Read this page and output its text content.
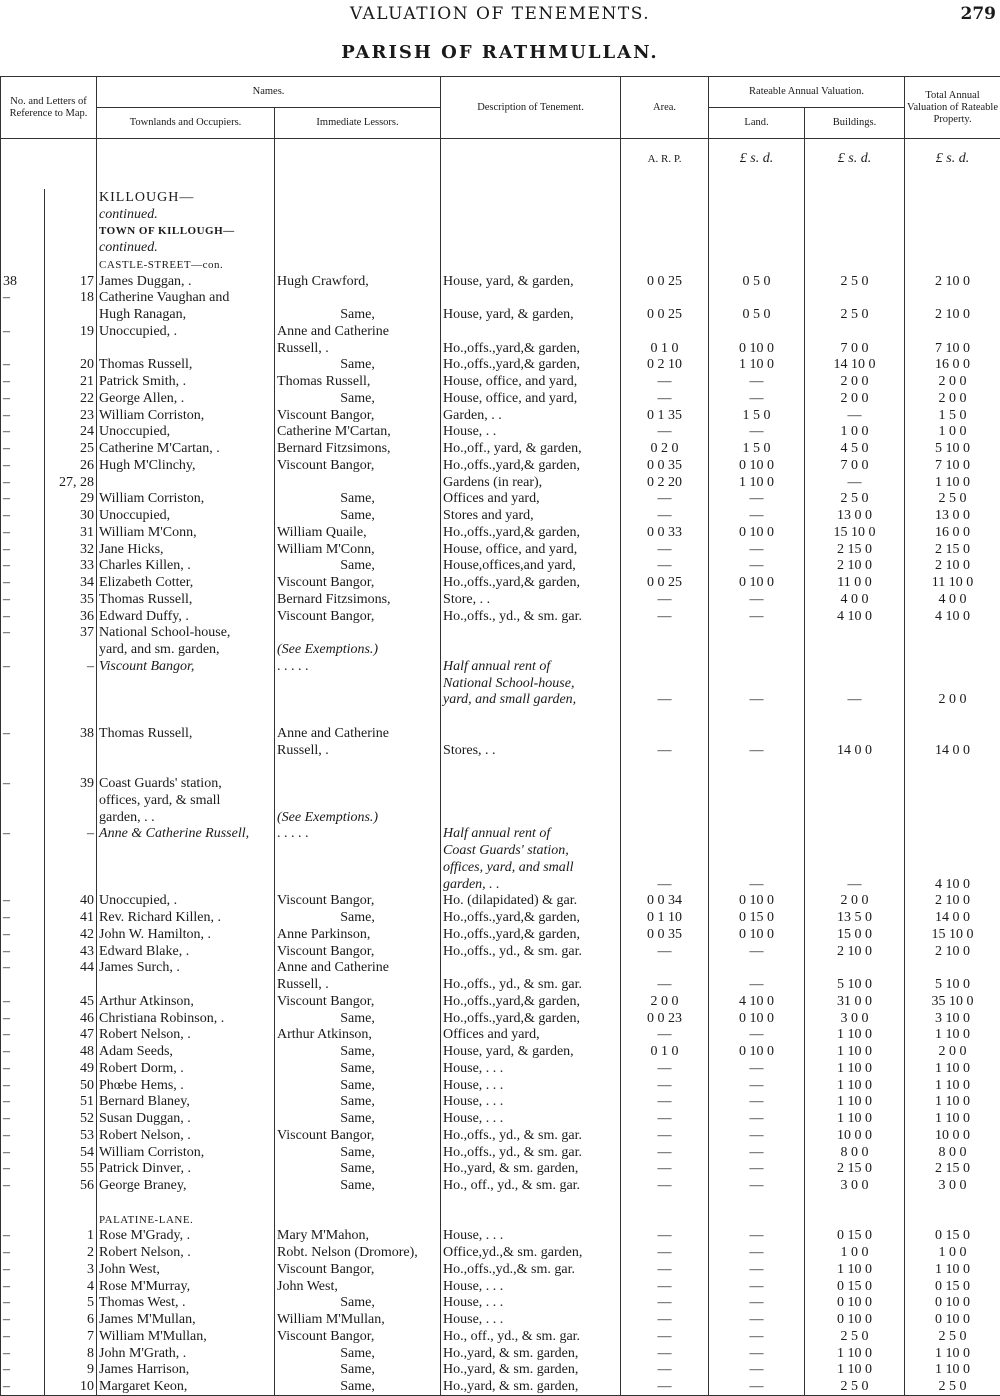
VALUATION OF TENEMENTS.	279
PARISH OF RATHMULLAN.
No. and Letters of Reference to Map.		Names.		Description of Tenement.	Area.	Rateable Annual Valuation.		Total Annual Valuation of Rateable Property.
		Townlands and Occupiers.	Immediate Lessors.			Land.	Buildings.	
					A. R. P.	£ s. d.	£ s. d.	£ s. d.
		KILLOUGH—						
		continued.						
		TOWN OF KILLOUGH—						
		continued.						
		CASTLE-STREET—con.						
38	17	James Duggan, .	Hugh Crawford,	House, yard, & garden,	0 0 25	0 5 0	2 5 0	2 10 0
–	18	Catherine Vaughan and						
		Hugh Ranagan,	Same,	House, yard, & garden,	0 0 25	0 5 0	2 5 0	2 10 0
–	19	Unoccupied, .	Anne and Catherine					
			Russell, .	Ho.,offs.,yard,& garden,	0 1 0	0 10 0	7 0 0	7 10 0
–	20	Thomas Russell,	Same,	Ho.,offs.,yard,& garden,	0 2 10	1 10 0	14 10 0	16 0 0
–	21	Patrick Smith, .	Thomas Russell,	House, office, and yard,	—	—	2 0 0	2 0 0
–	22	George Allen, .	Same,	House, office, and yard,	—	—	2 0 0	2 0 0
–	23	William Corriston,	Viscount Bangor,	Garden, . .	0 1 35	1 5 0	—	1 5 0
–	24	Unoccupied,	Catherine M'Cartan,	House, . .	—	—	1 0 0	1 0 0
–	25	Catherine M'Cartan, .	Bernard Fitzsimons,	Ho.,off., yard, & garden,	0 2 0	1 5 0	4 5 0	5 10 0
–	26	Hugh M'Clinchy,	Viscount Bangor,	Ho.,offs.,yard,& garden,	0 0 35	0 10 0	7 0 0	7 10 0
–	27, 28			Gardens (in rear),	0 2 20	1 10 0	—	1 10 0
–	29	William Corriston,	Same,	Offices and yard,	—	—	2 5 0	2 5 0
–	30	Unoccupied,	Same,	Stores and yard,	—	—	13 0 0	13 0 0
–	31	William M'Conn,	William Quaile,	Ho.,offs.,yard,& garden,	0 0 33	0 10 0	15 10 0	16 0 0
–	32	Jane Hicks,	William M'Conn,	House, office, and yard,	—	—	2 15 0	2 15 0
–	33	Charles Killen, .	Same,	House,offices,and yard,	—	—	2 10 0	2 10 0
–	34	Elizabeth Cotter,	Viscount Bangor,	Ho.,offs.,yard,& garden,	0 0 25	0 10 0	11 0 0	11 10 0
–	35	Thomas Russell,	Bernard Fitzsimons,	Store, . .	—	—	4 0 0	4 0 0
–	36	Edward Duffy, .	Viscount Bangor,	Ho.,offs., yd., & sm. gar.	—	—	4 10 0	4 10 0
–	37	National School-house,						
		yard, and sm. garden,	(See Exemptions.)					
–	–	Viscount Bangor,	. . . . .	Half annual rent of				
				National School-house,				
				yard, and small garden,	—	—	—	2 0 0

–	38	Thomas Russell,	Anne and Catherine					
			Russell, .	Stores, . .	—	—	14 0 0	14 0 0

–	39	Coast Guards' station,						
		offices, yard, & small						
		garden, . .	(See Exemptions.)					
–	–	Anne & Catherine Russell,	. . . . .	Half annual rent of				
				Coast Guards' station,				
				offices, yard, and small				
				garden, . .	—	—	—	4 10 0
–	40	Unoccupied, .	Viscount Bangor,	Ho. (dilapidated) & gar.	0 0 34	0 10 0	2 0 0	2 10 0
–	41	Rev. Richard Killen, .	Same,	Ho.,offs.,yard,& garden,	0 1 10	0 15 0	13 5 0	14 0 0
–	42	John W. Hamilton, .	Anne Parkinson,	Ho.,offs.,yard,& garden,	0 0 35	0 10 0	15 0 0	15 10 0
–	43	Edward Blake, .	Viscount Bangor,	Ho.,offs., yd., & sm. gar.	—	—	2 10 0	2 10 0
–	44	James Surch, .	Anne and Catherine					
			Russell, .	Ho.,offs., yd., & sm. gar.	—	—	5 10 0	5 10 0
–	45	Arthur Atkinson,	Viscount Bangor,	Ho.,offs.,yard,& garden,	2 0 0	4 10 0	31 0 0	35 10 0
–	46	Christiana Robinson, .	Same,	Ho.,offs.,yard,& garden,	0 0 23	0 10 0	3 0 0	3 10 0
–	47	Robert Nelson, .	Arthur Atkinson,	Offices and yard,	—	—	1 10 0	1 10 0
–	48	Adam Seeds,	Same,	House, yard, & garden,	0 1 0	0 10 0	1 10 0	2 0 0
–	49	Robert Dorm, .	Same,	House, . . .	—	—	1 10 0	1 10 0
–	50	Phœbe Hems, .	Same,	House, . . .	—	—	1 10 0	1 10 0
–	51	Bernard Blaney,	Same,	House, . . .	—	—	1 10 0	1 10 0
–	52	Susan Duggan, .	Same,	House, . . .	—	—	1 10 0	1 10 0
–	53	Robert Nelson, .	Viscount Bangor,	Ho.,offs., yd., & sm. gar.	—	—	10 0 0	10 0 0
–	54	William Corriston,	Same,	Ho.,offs., yd., & sm. gar.	—	—	8 0 0	8 0 0
–	55	Patrick Dinver, .	Same,	Ho.,yard, & sm. garden,	—	—	2 15 0	2 15 0
–	56	George Braney,	Same,	Ho., off., yd., & sm. gar.	—	—	3 0 0	3 0 0

		PALATINE-LANE.						
–	1	Rose M'Grady, .	Mary M'Mahon,	House, . . .	—	—	0 15 0	0 15 0
–	2	Robert Nelson, .	Robt. Nelson (Dromore),	Office,yd.,& sm. garden,	—	—	1 0 0	1 0 0
–	3	John West,	Viscount Bangor,	Ho.,offs.,yd.,& sm. gar.	—	—	1 10 0	1 10 0
–	4	Rose M'Murray,	John West,	House, . . .	—	—	0 15 0	0 15 0
–	5	Thomas West, .	Same,	House, . . .	—	—	0 10 0	0 10 0
–	6	James M'Mullan,	William M'Mullan,	House, . . .	—	—	0 10 0	0 10 0
–	7	William M'Mullan,	Viscount Bangor,	Ho., off., yd., & sm. gar.	—	—	2 5 0	2 5 0
–	8	John M'Grath, .	Same,	Ho.,yard, & sm. garden,	—	—	1 10 0	1 10 0
–	9	James Harrison,	Same,	Ho.,yard, & sm. garden,	—	—	1 10 0	1 10 0
–	10	Margaret Keon,	Same,	Ho.,yard, & sm. garden,	—	—	2 5 0	2 5 0
